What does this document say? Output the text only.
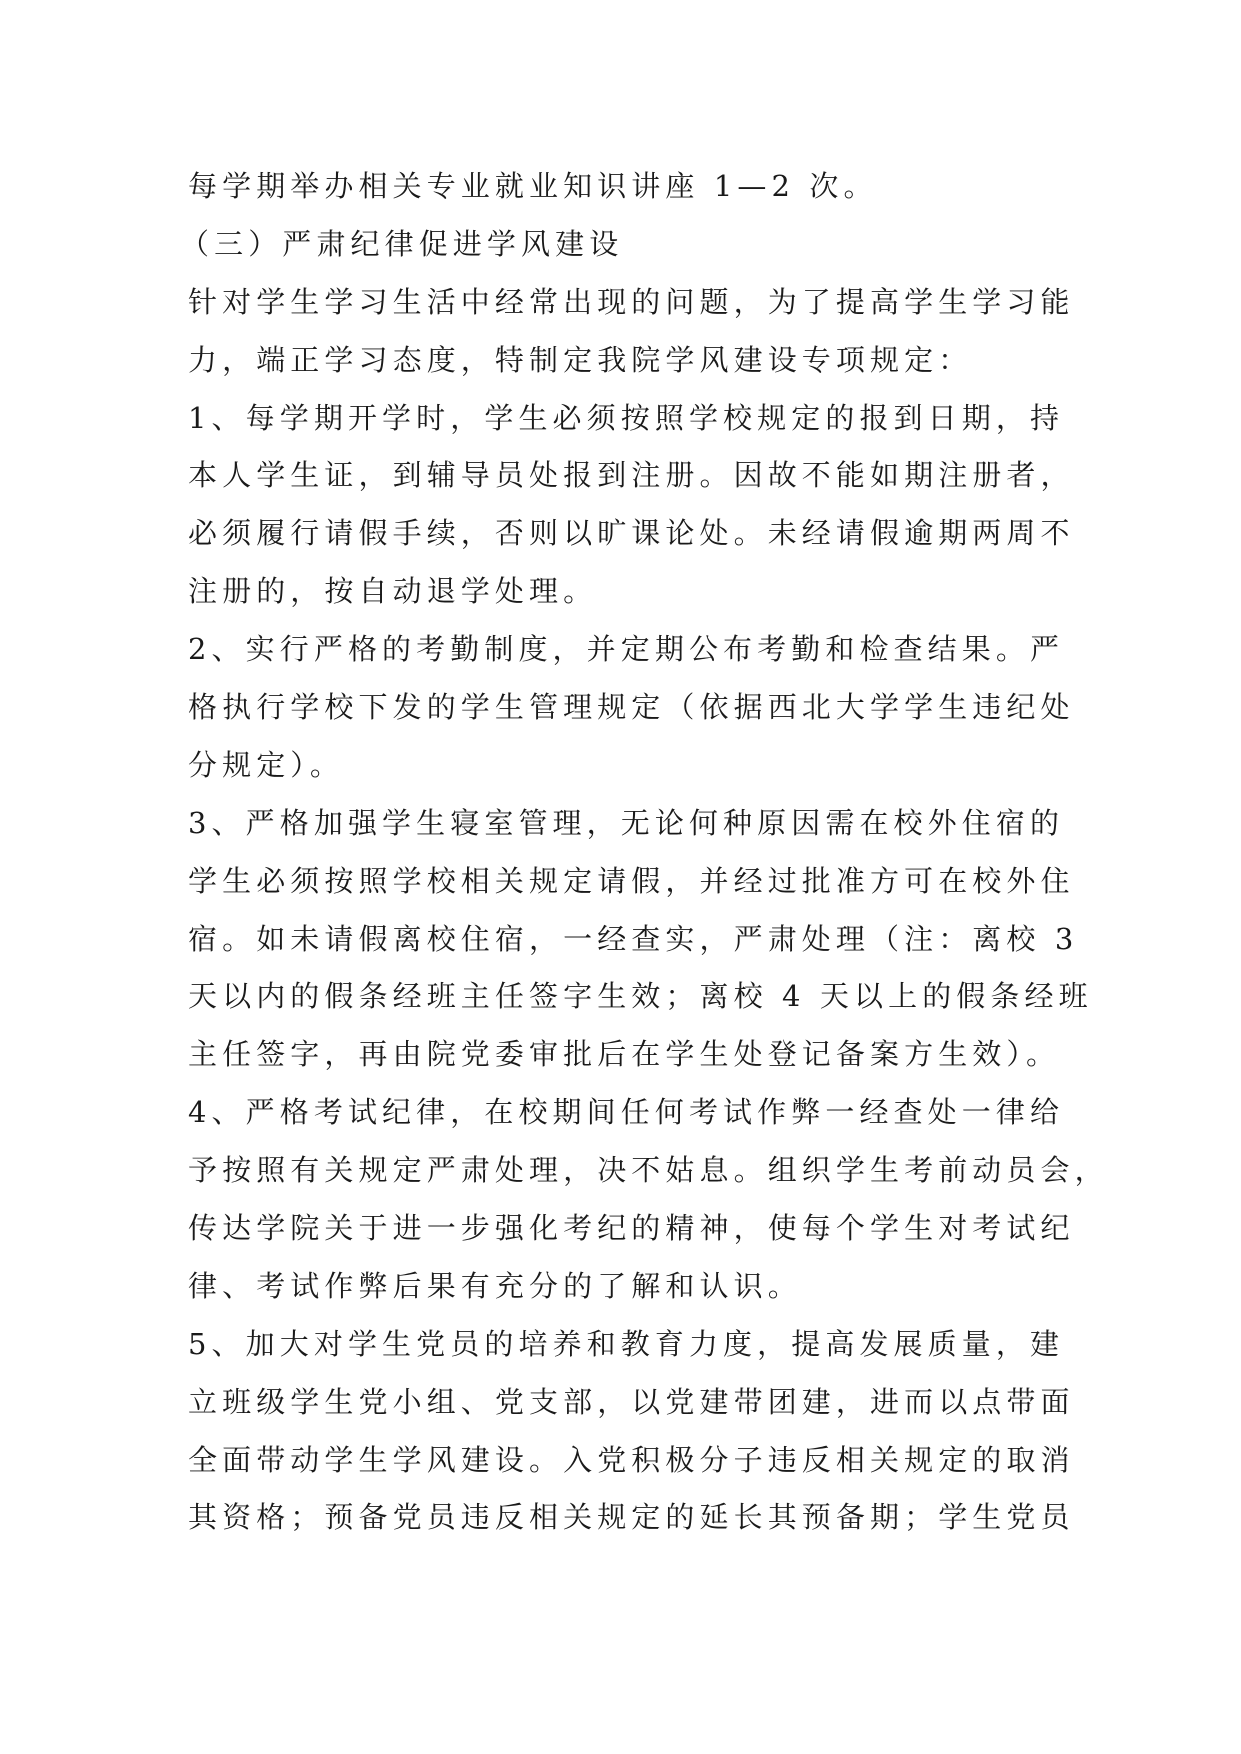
每学期举办相关专业就业知识讲座 1—2 次。
（三）严肃纪律促进学风建设
针对学生学习生活中经常出现的问题，为了提高学生学习能
力，端正学习态度，特制定我院学风建设专项规定：
1、每学期开学时，学生必须按照学校规定的报到日期，持
本人学生证，到辅导员处报到注册。因故不能如期注册者，
必须履行请假手续，否则以旷课论处。未经请假逾期两周不
注册的，按自动退学处理。
2、实行严格的考勤制度，并定期公布考勤和检查结果。严
格执行学校下发的学生管理规定（依据西北大学学生违纪处
分规定）。
3、严格加强学生寝室管理，无论何种原因需在校外住宿的
学生必须按照学校相关规定请假，并经过批准方可在校外住
宿。如未请假离校住宿，一经查实，严肃处理（注：离校 3
天以内的假条经班主任签字生效；离校 4 天以上的假条经班
主任签字，再由院党委审批后在学生处登记备案方生效）。
4、严格考试纪律，在校期间任何考试作弊一经查处一律给
予按照有关规定严肃处理，决不姑息。组织学生考前动员会，
传达学院关于进一步强化考纪的精神，使每个学生对考试纪
律、考试作弊后果有充分的了解和认识。
5、加大对学生党员的培养和教育力度，提高发展质量，建
立班级学生党小组、党支部，以党建带团建，进而以点带面
全面带动学生学风建设。入党积极分子违反相关规定的取消
其资格；预备党员违反相关规定的延长其预备期；学生党员
